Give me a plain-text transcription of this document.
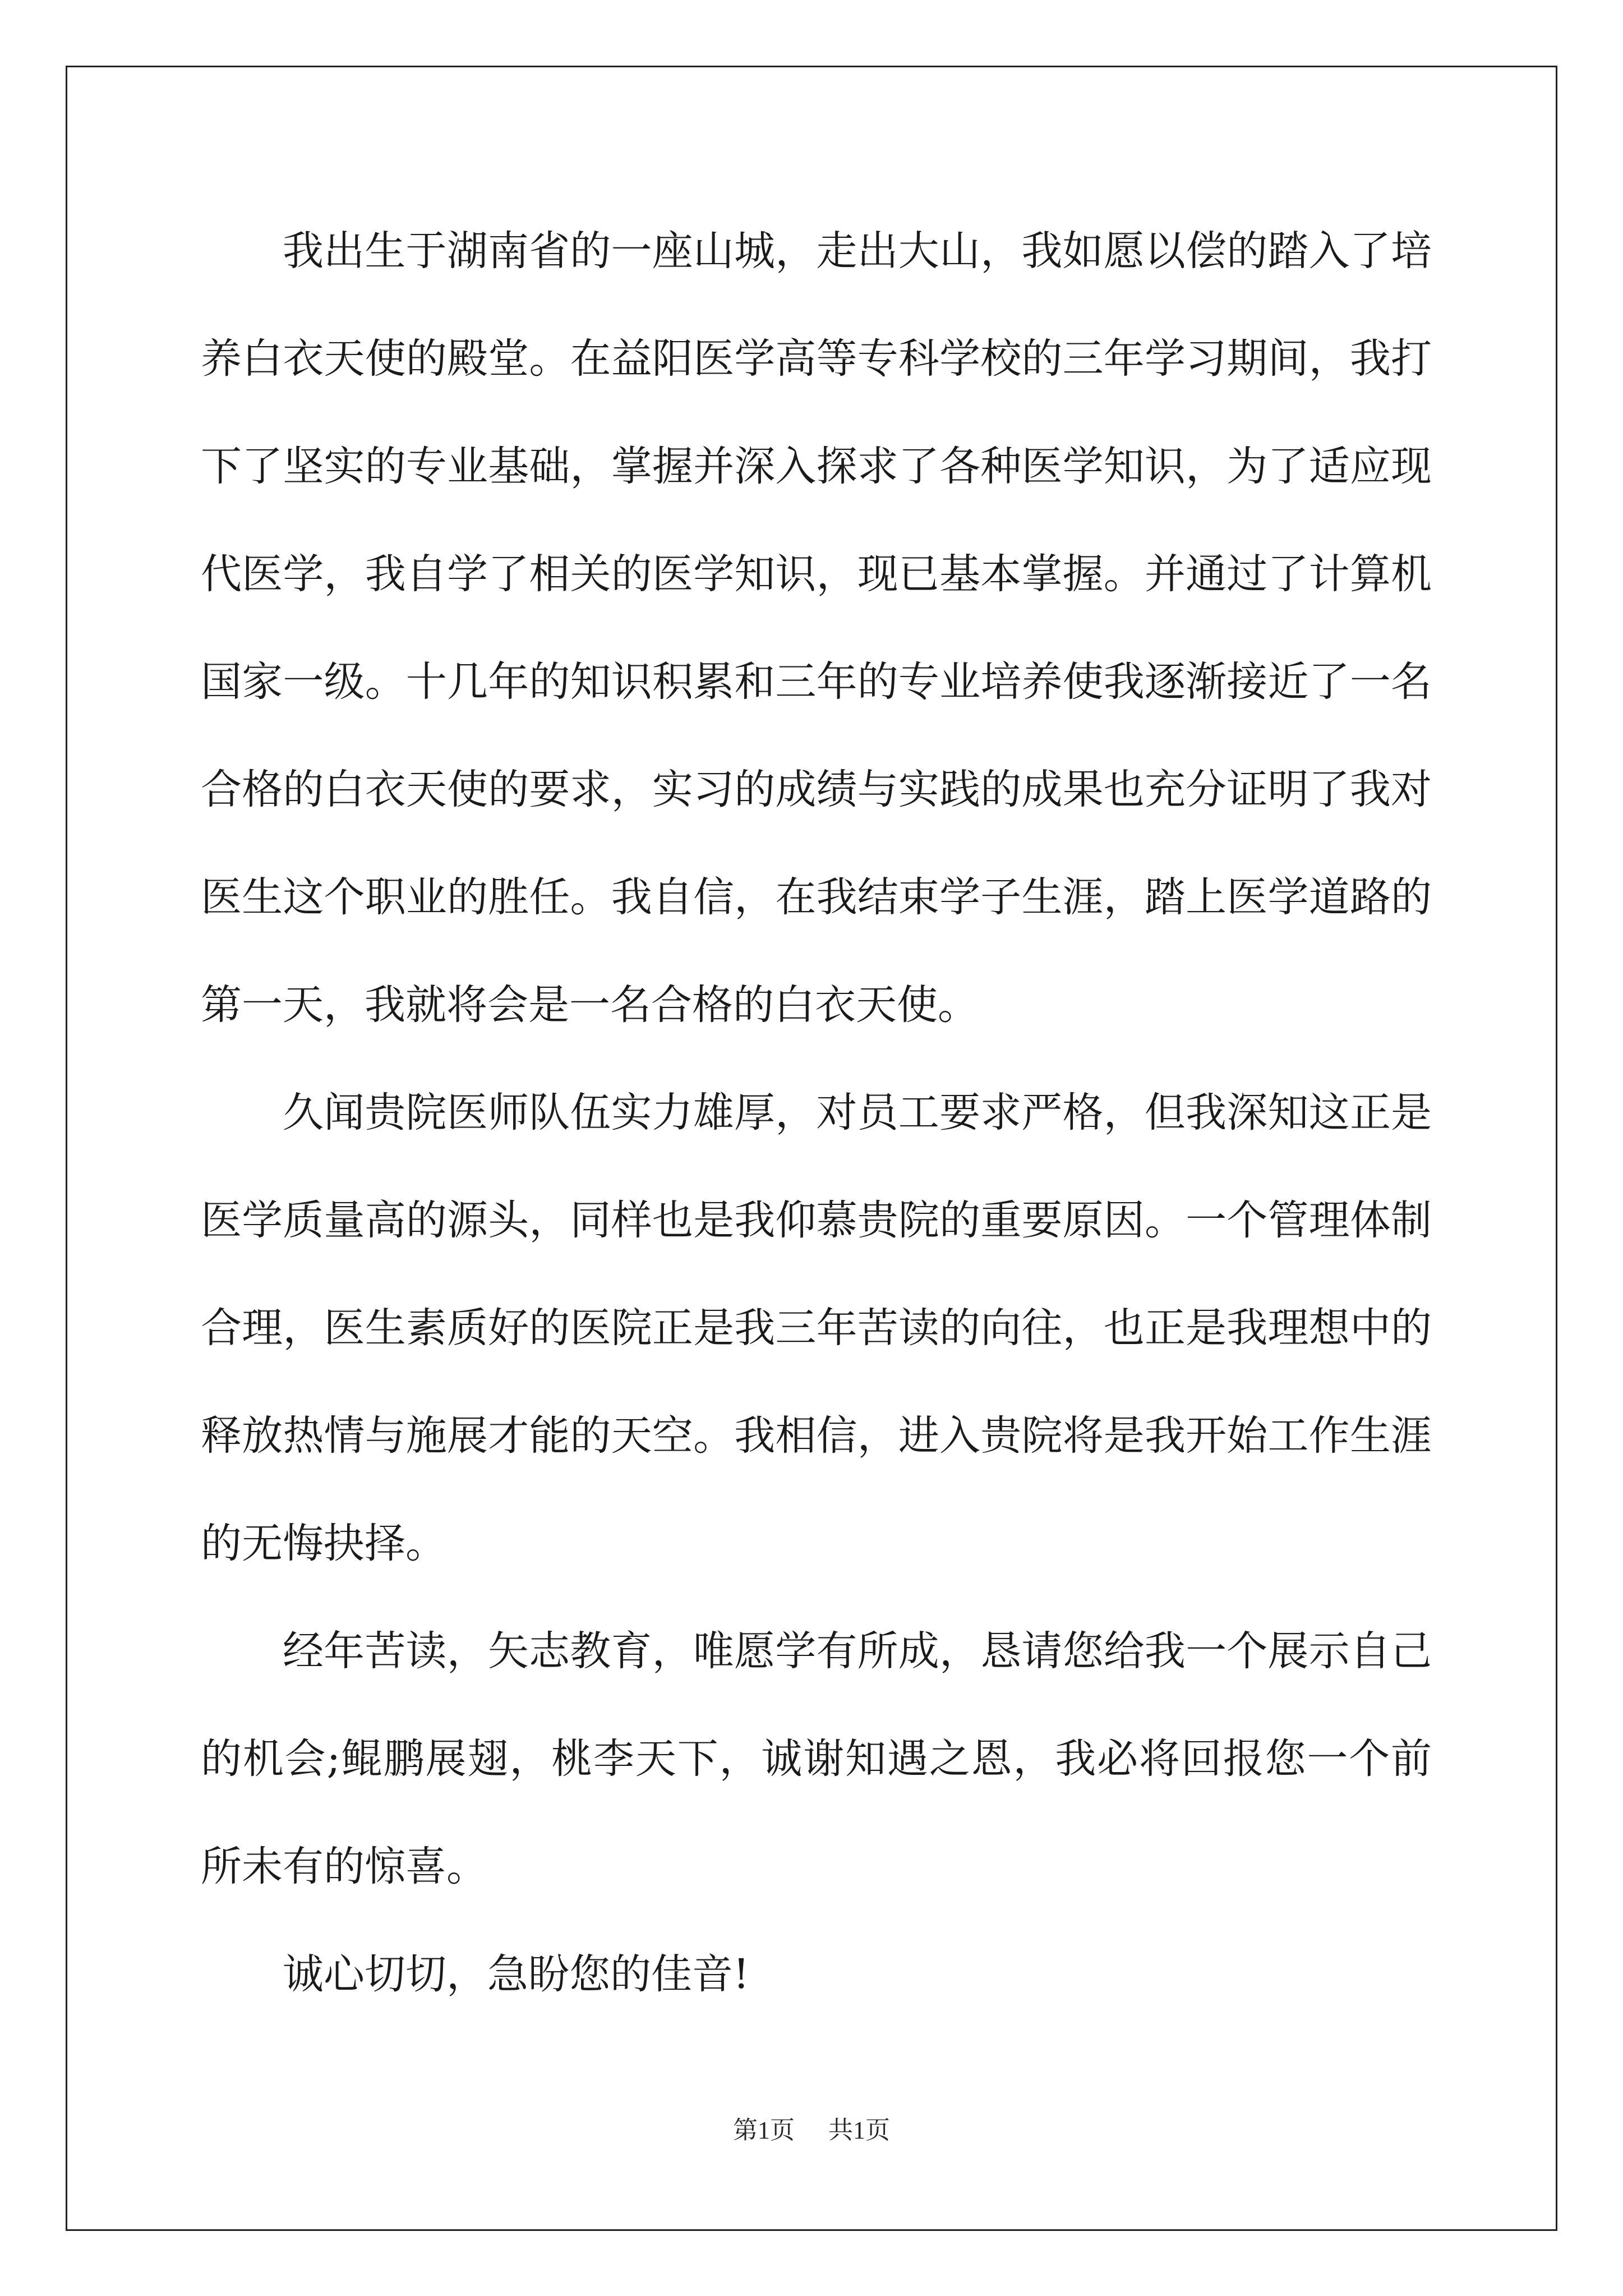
我出生于湖南省的一座山城，走出大山，我如愿以偿的踏入了培养白衣天使的殿堂。在益阳医学高等专科学校的三年学习期间，我打下了坚实的专业基础，掌握并深入探求了各种医学知识，为了适应现代医学，我自学了相关的医学知识，现已基本掌握。并通过了计算机国家一级。十几年的知识积累和三年的专业培养使我逐渐接近了一名合格的白衣天使的要求，实习的成绩与实践的成果也充分证明了我对医生这个职业的胜任。我自信，在我结束学子生涯，踏上医学道路的第一天，我就将会是一名合格的白衣天使。

久闻贵院医师队伍实力雄厚，对员工要求严格，但我深知这正是医学质量高的源头，同样也是我仰慕贵院的重要原因。一个管理体制合理，医生素质好的医院正是我三年苦读的向往，也正是我理想中的释放热情与施展才能的天空。我相信，进入贵院将是我开始工作生涯的无悔抉择。

经年苦读，矢志教育，唯愿学有所成，恳请您给我一个展示自己的机会;鲲鹏展翅，桃李天下，诚谢知遇之恩，我必将回报您一个前所未有的惊喜。

诚心切切，急盼您的佳音!

第1页 共1页
